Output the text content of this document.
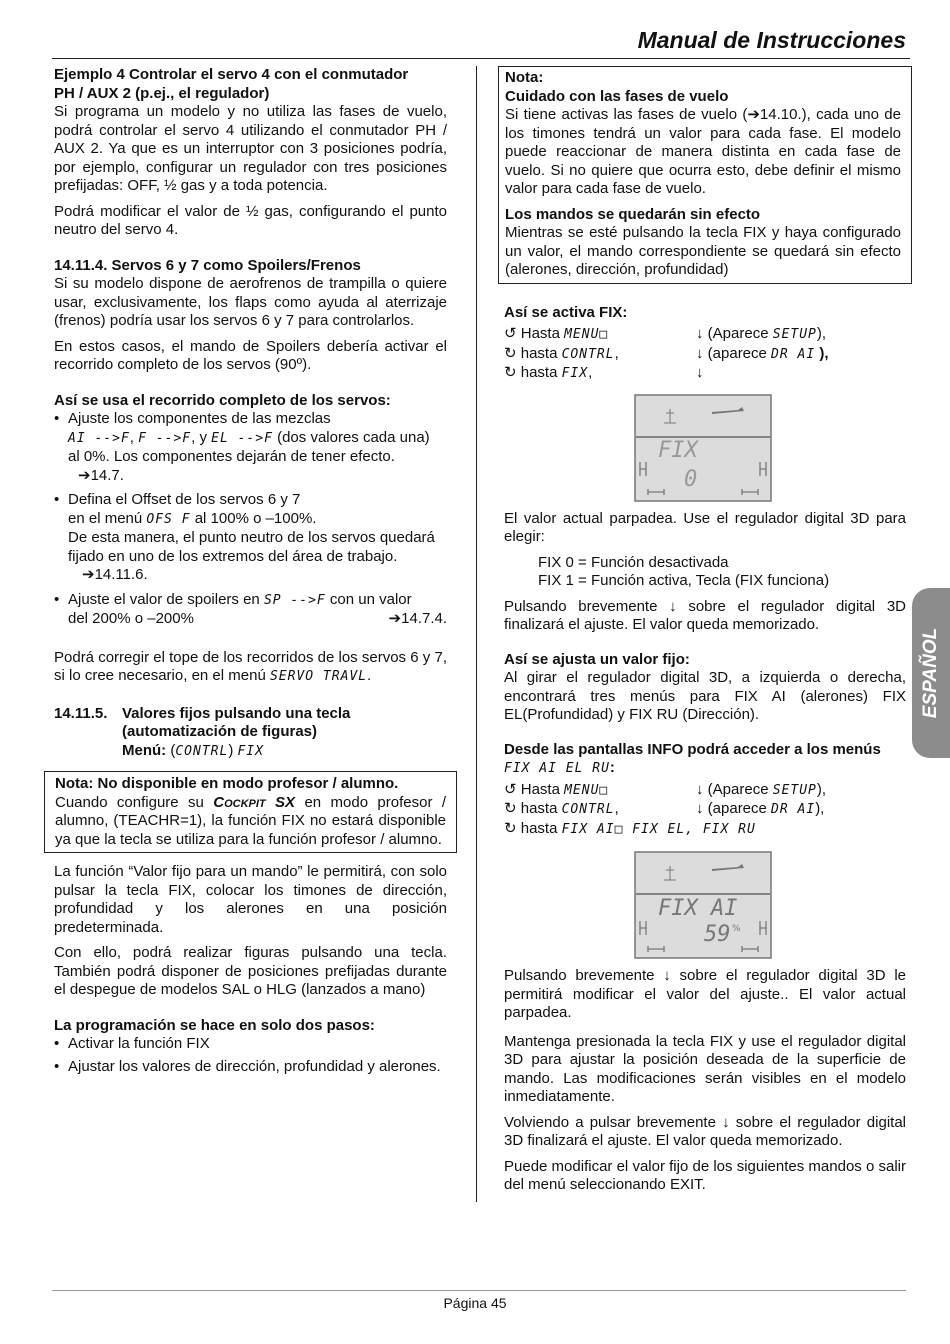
Manual de Instrucciones

Ejemplo 4 Controlar el servo 4 con el conmutador
PH / AUX 2 (p.ej., el regulador)

Si programa un modelo y no utiliza las fases de vuelo, podrá controlar el servo 4 utilizando el conmutador PH / AUX 2. Ya que es un interruptor con 3 posiciones podría, por ejemplo, configurar un regulador con tres posiciones prefijadas: OFF, ½ gas y a toda potencia.

Podrá modificar el valor de ½ gas, configurando el punto neutro del servo 4.

14.11.4. Servos 6 y 7 como Spoilers/Frenos

Si su modelo dispone de aerofrenos de trampilla o quiere usar, exclusivamente, los flaps como ayuda al aterrizaje (frenos) podría usar los servos 6 y 7 para controlarlos.

En estos casos, el mando de Spoilers debería activar el recorrido completo de los servos (90º).

Así se usa el recorrido completo de los servos:

• Ajuste los componentes de las mezclas
AI -->F, F -->F, y EL -->F (dos valores cada una)
al 0%. Los componentes dejarán de tener efecto.
➔14.7.
• Defina el Offset de los servos 6 y 7
en el menú OFS F al 100% o –100%.
De esta manera, el punto neutro de los servos quedará fijado en uno de los extremos del área de trabajo. ➔14.11.6.
• Ajuste el valor de spoilers en SP -->F con un valor
del 200% o –200%	➔14.7.4.

Podrá corregir el tope de los recorridos de los servos 6 y 7, si lo cree necesario, en el menú SERVO TRAVL.

14.11.5. Valores fijos pulsando una tecla
(automatización de figuras)
Menú: (CONTRL) FIX

Nota: No disponible en modo profesor / alumno.

Cuando configure su Cockpit SX en modo profesor / alumno, (TEACHR=1), la función FIX no estará disponible ya que la tecla se utiliza para la función profesor / alumno.

La función “Valor fijo para un mando” le permitirá, con solo pulsar la tecla FIX, colocar los timones de dirección, profundidad y los alerones en una posición predeterminada.

Con ello, podrá realizar figuras pulsando una tecla. También podrá disponer de posiciones prefijadas durante el despegue de modelos SAL o HLG (lanzados a mano)

La programación se hace en solo dos pasos:

• Activar la función FIX
• Ajustar los valores de dirección, profundidad y alerones.

Nota:

Cuidado con las fases de vuelo

Si tiene activas las fases de vuelo (➔14.10.), cada uno de los timones tendrá un valor para cada fase. El modelo puede reaccionar de manera distinta en cada fase de vuelo. Si no quiere que ocurra esto, debe definir el mismo valor para cada fase de vuelo.

Los mandos se quedarán sin efecto

Mientras se esté pulsando la tecla FIX y haya configurado un valor, el mando correspondiente se quedará sin efecto (alerones, dirección, profundidad)

Así se activa FIX:

↺ Hasta MENU□	↓ (Aparece SETUP),
↻ hasta CONTRL,	↓ (aparece DR AI ),
↻ hasta FIX,	↓
FIX
0

El valor actual parpadea. Use el regulador digital 3D para elegir:

FIX 0 = Función desactivada

FIX 1 = Función activa, Tecla (FIX funciona)

Pulsando brevemente ↓ sobre el regulador digital 3D finalizará el ajuste. El valor queda memorizado.

Así se ajusta un valor fijo:

Al girar el regulador digital 3D, a izquierda o derecha, encontrará tres menús para FIX AI (alerones) FIX EL(Profundidad) y FIX RU (Dirección).

Desde las pantallas INFO podrá acceder a los menús
FIX AI EL RU:

↺ Hasta MENU□	↓ (Aparece SETUP),
↻ hasta CONTRL,	↓ (aparece DR AI),
↻ hasta FIX AI□ FIX EL, FIX RU
FIX AI
59 %

Pulsando brevemente ↓ sobre el regulador digital 3D le permitirá modificar el valor del ajuste.. El valor actual parpadea.

Mantenga presionada la tecla FIX y use el regulador digital 3D para ajustar la posición deseada de la superficie de mando. Las modificaciones serán visibles en el modelo inmediatamente.

Volviendo a pulsar brevemente ↓ sobre el regulador digital 3D finalizará el ajuste. El valor queda memorizado.

Puede modificar el valor fijo de los siguientes mandos o salir del menú seleccionando EXIT.

ESPAÑOL
Página 45
